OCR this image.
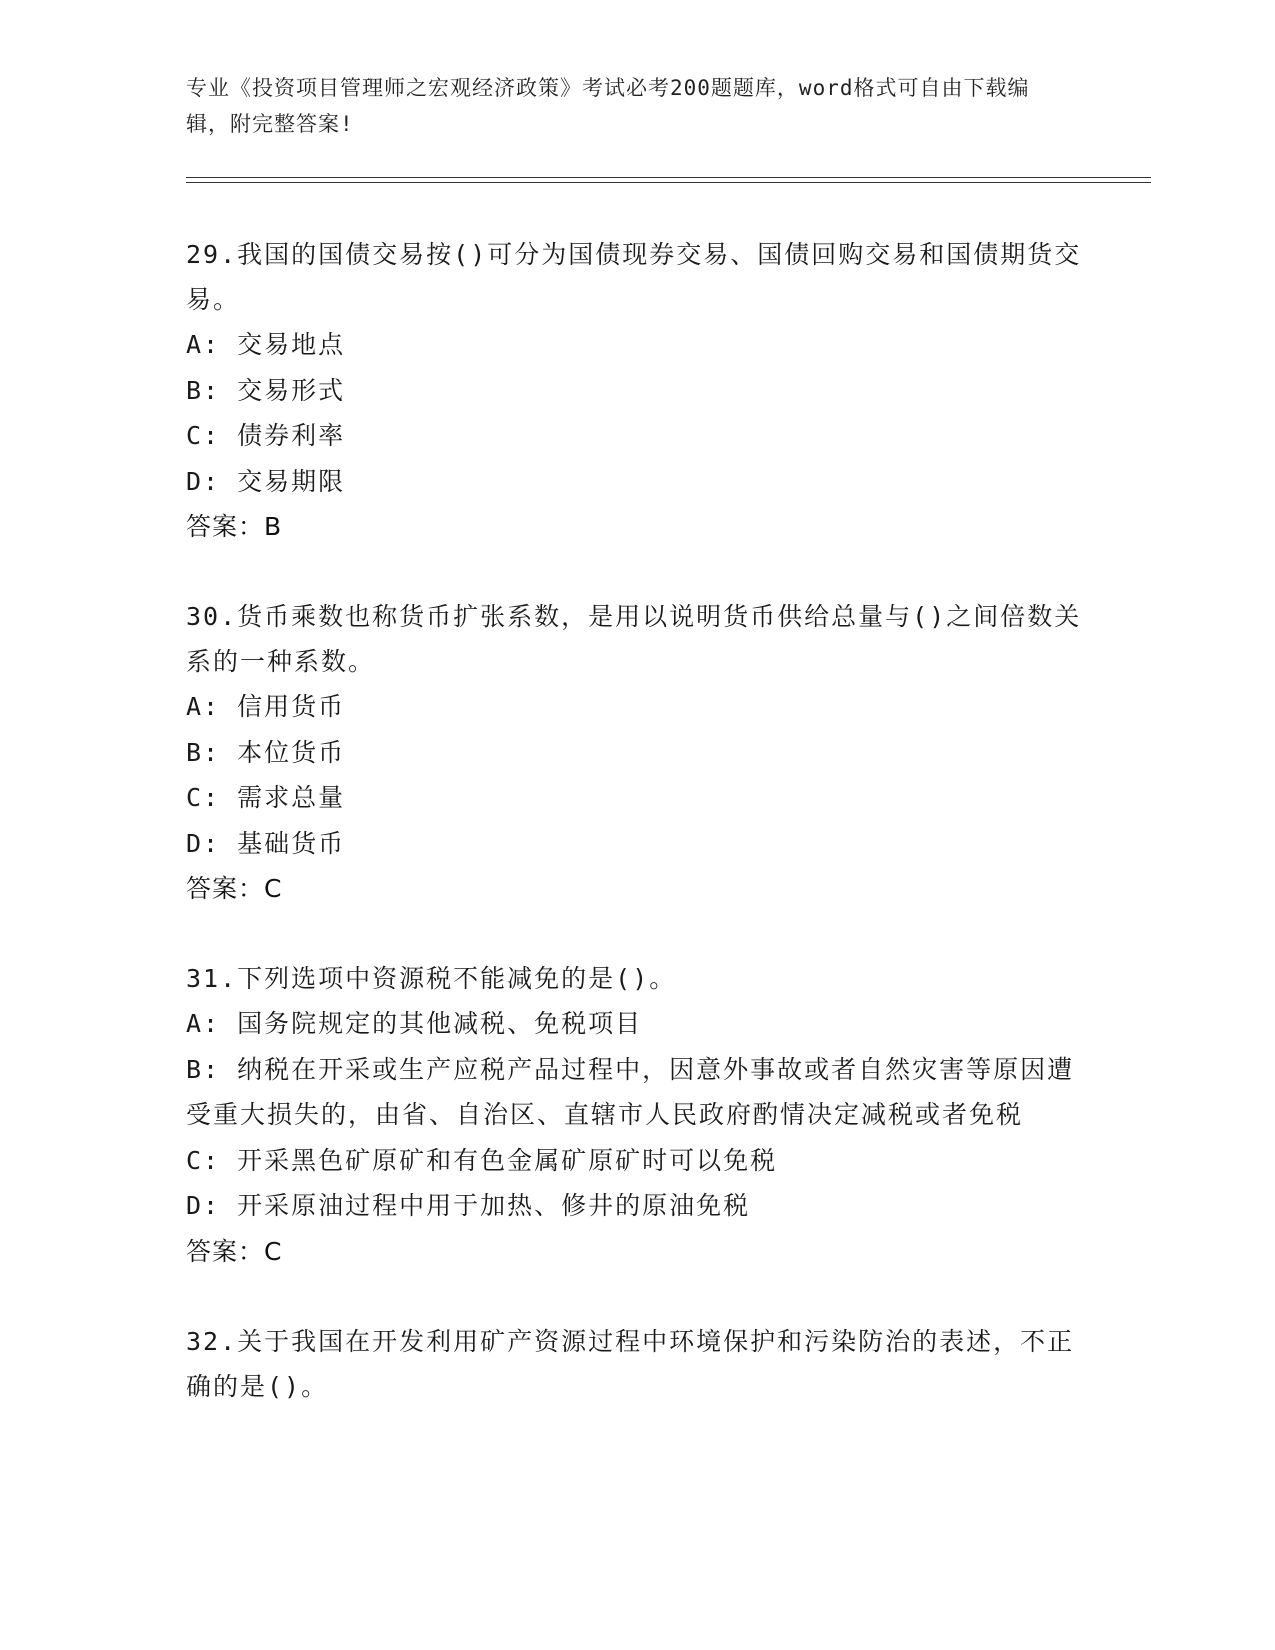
专业《投资项目管理师之宏观经济政策》考试必考200题题库，word格式可自由下载编辑，附完整答案!
29.我国的国债交易按()可分为国债现券交易、国债回购交易和国债期货交易。
A: 交易地点
B: 交易形式
C: 债券利率
D: 交易期限
答案：B
30.货币乘数也称货币扩张系数，是用以说明货币供给总量与()之间倍数关系的一种系数。
A: 信用货币
B: 本位货币
C: 需求总量
D: 基础货币
答案：C
31.下列选项中资源税不能减免的是()。
A: 国务院规定的其他减税、免税项目
B: 纳税在开采或生产应税产品过程中，因意外事故或者自然灾害等原因遭受重大损失的，由省、自治区、直辖市人民政府酌情决定减税或者免税
C: 开采黑色矿原矿和有色金属矿原矿时可以免税
D: 开采原油过程中用于加热、修井的原油免税
答案：C
32.关于我国在开发利用矿产资源过程中环境保护和污染防治的表述，不正确的是()。
